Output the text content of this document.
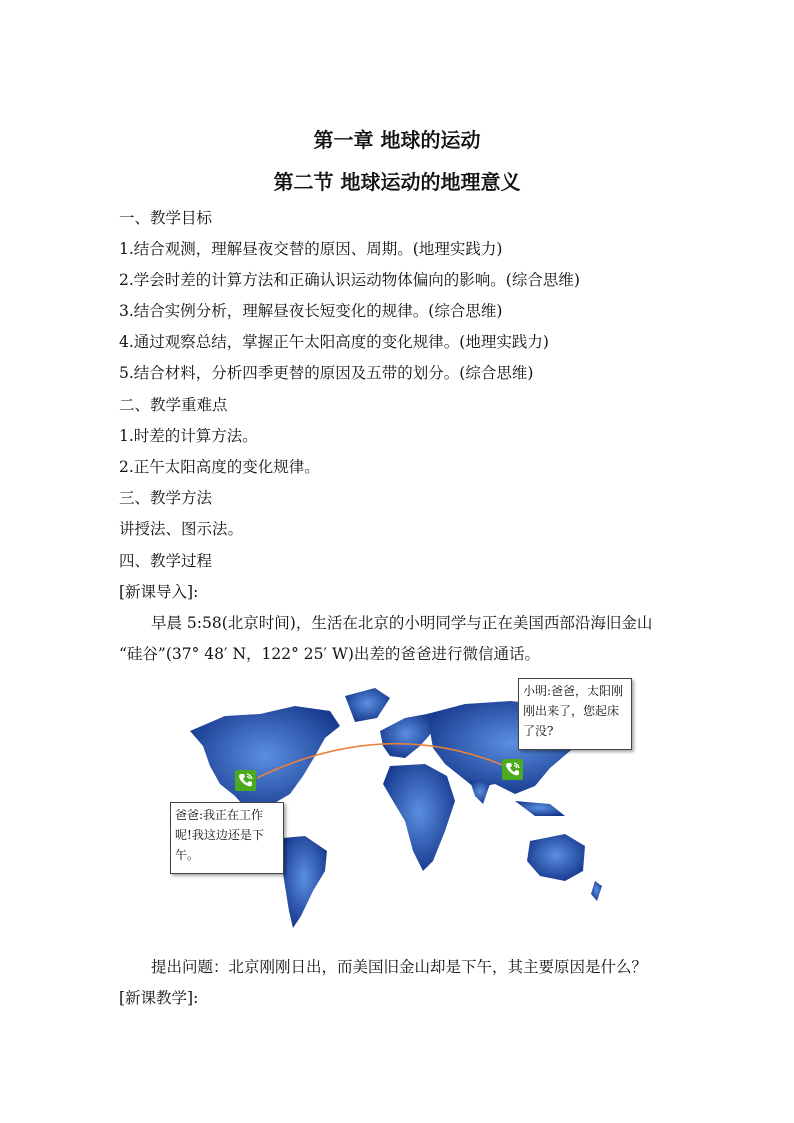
第一章 地球的运动
第二节 地球运动的地理意义
一、教学目标
1.结合观测，理解昼夜交替的原因、周期。(地理实践力)
2.学会时差的计算方法和正确认识运动物体偏向的影响。(综合思维)
3.结合实例分析，理解昼夜长短变化的规律。(综合思维)
4.通过观察总结，掌握正午太阳高度的变化规律。(地理实践力)
5.结合材料，分析四季更替的原因及五带的划分。(综合思维)
二、教学重难点
1.时差的计算方法。
2.正午太阳高度的变化规律。
三、教学方法
讲授法、图示法。
四、教学过程
[新课导入]:
早晨 5:58(北京时间)，生活在北京的小明同学与正在美国西部沿海旧金山
“硅谷”(37° 48′ N，122° 25′ W)出差的爸爸进行微信通话。
小明:爸爸，太阳刚刚出来了，您起床了没?
爸爸:我正在工作呢!我这边还是下午。
提出问题：北京刚刚日出，而美国旧金山却是下午，其主要原因是什么？
[新课教学]:
